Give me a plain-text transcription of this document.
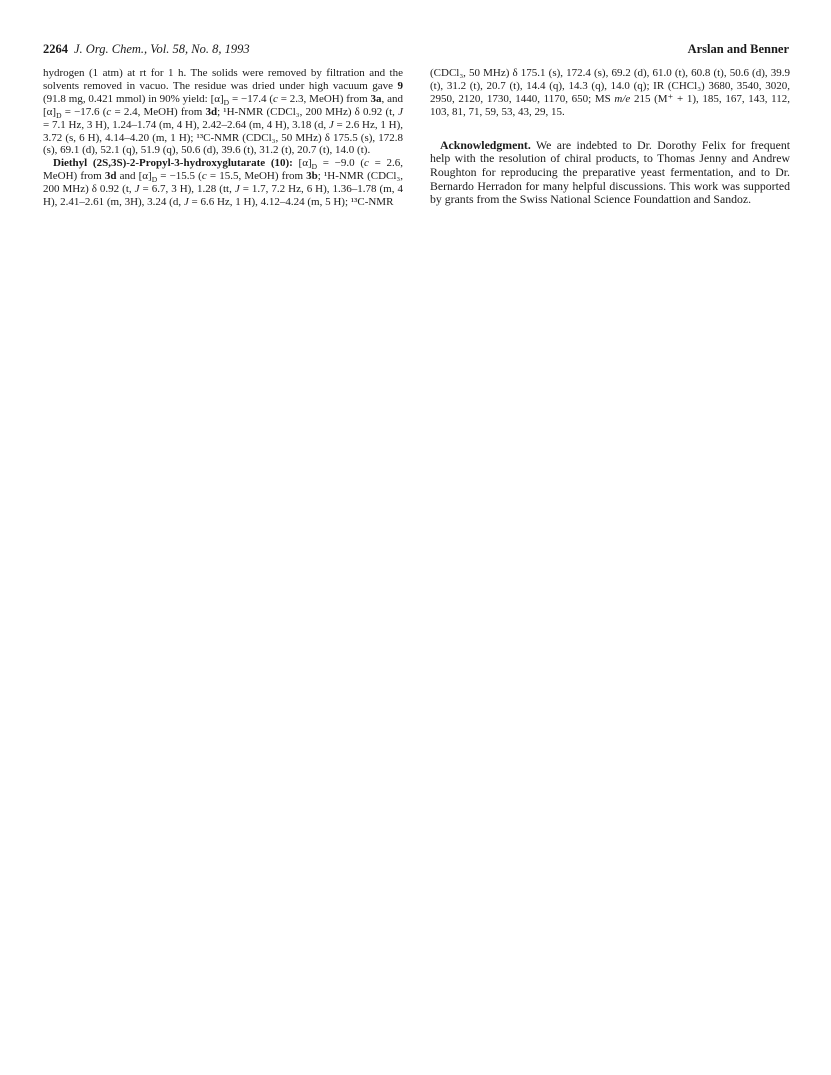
2264 J. Org. Chem., Vol. 58, No. 8, 1993	Arslan and Benner

hydrogen (1 atm) at rt for 1 h. The solids were removed by filtration and the solvents removed in vacuo. The residue was dried under high vacuum gave 9 (91.8 mg, 0.421 mmol) in 90% yield: $[\alpha]_D = -17.4$ (c = 2.3, MeOH) from 3a, and $[\alpha]_D = -17.6$ (c = 2.4, MeOH) from 3d; ¹H-NMR (CDCl₃, 200 MHz) δ 0.92 (t, J = 7.1 Hz, 3 H), 1.24–1.74 (m, 4 H), 2.42–2.64 (m, 4 H), 3.18 (d, J = 2.6 Hz, 1 H), 3.72 (s, 6 H), 4.14–4.20 (m, 1 H); ¹³C-NMR (CDCl₃, 50 MHz) δ 175.5 (s), 172.8 (s), 69.1 (d), 52.1 (q), 51.9 (q), 50.6 (d), 39.6 (t), 31.2 (t), 20.7 (t), 14.0 (t).

Diethyl (2S,3S)-2-Propyl-3-hydroxyglutarate (10): $[\alpha]_D = -9.0$ (c = 2.6, MeOH) from 3d and $[\alpha]_D = -15.5$ (c = 15.5, MeOH) from 3b; ¹H-NMR (CDCl₃, 200 MHz) δ 0.92 (t, J = 6.7, 3 H), 1.28 (tt, J = 1.7, 7.2 Hz, 6 H), 1.36–1.78 (m, 4 H), 2.41–2.61 (m, 3H), 3.24 (d, J = 6.6 Hz, 1 H), 4.12–4.24 (m, 5 H); ¹³C-NMR

(CDCl₃, 50 MHz) δ 175.1 (s), 172.4 (s), 69.2 (d), 61.0 (t), 60.8 (t), 50.6 (d), 39.9 (t), 31.2 (t), 20.7 (t), 14.4 (q), 14.3 (q), 14.0 (q); IR (CHCl₃) 3680, 3540, 3020, 2950, 2120, 1730, 1440, 1170, 650; MS m/e 215 (M⁺ + 1), 185, 167, 143, 112, 103, 81, 71, 59, 53, 43, 29, 15.

Acknowledgment. We are indebted to Dr. Dorothy Felix for frequent help with the resolution of chiral products, to Thomas Jenny and Andrew Roughton for reproducing the preparative yeast fermentation, and to Dr. Bernardo Herradon for many helpful discussions. This work was supported by grants from the Swiss National Science Foundattion and Sandoz.
